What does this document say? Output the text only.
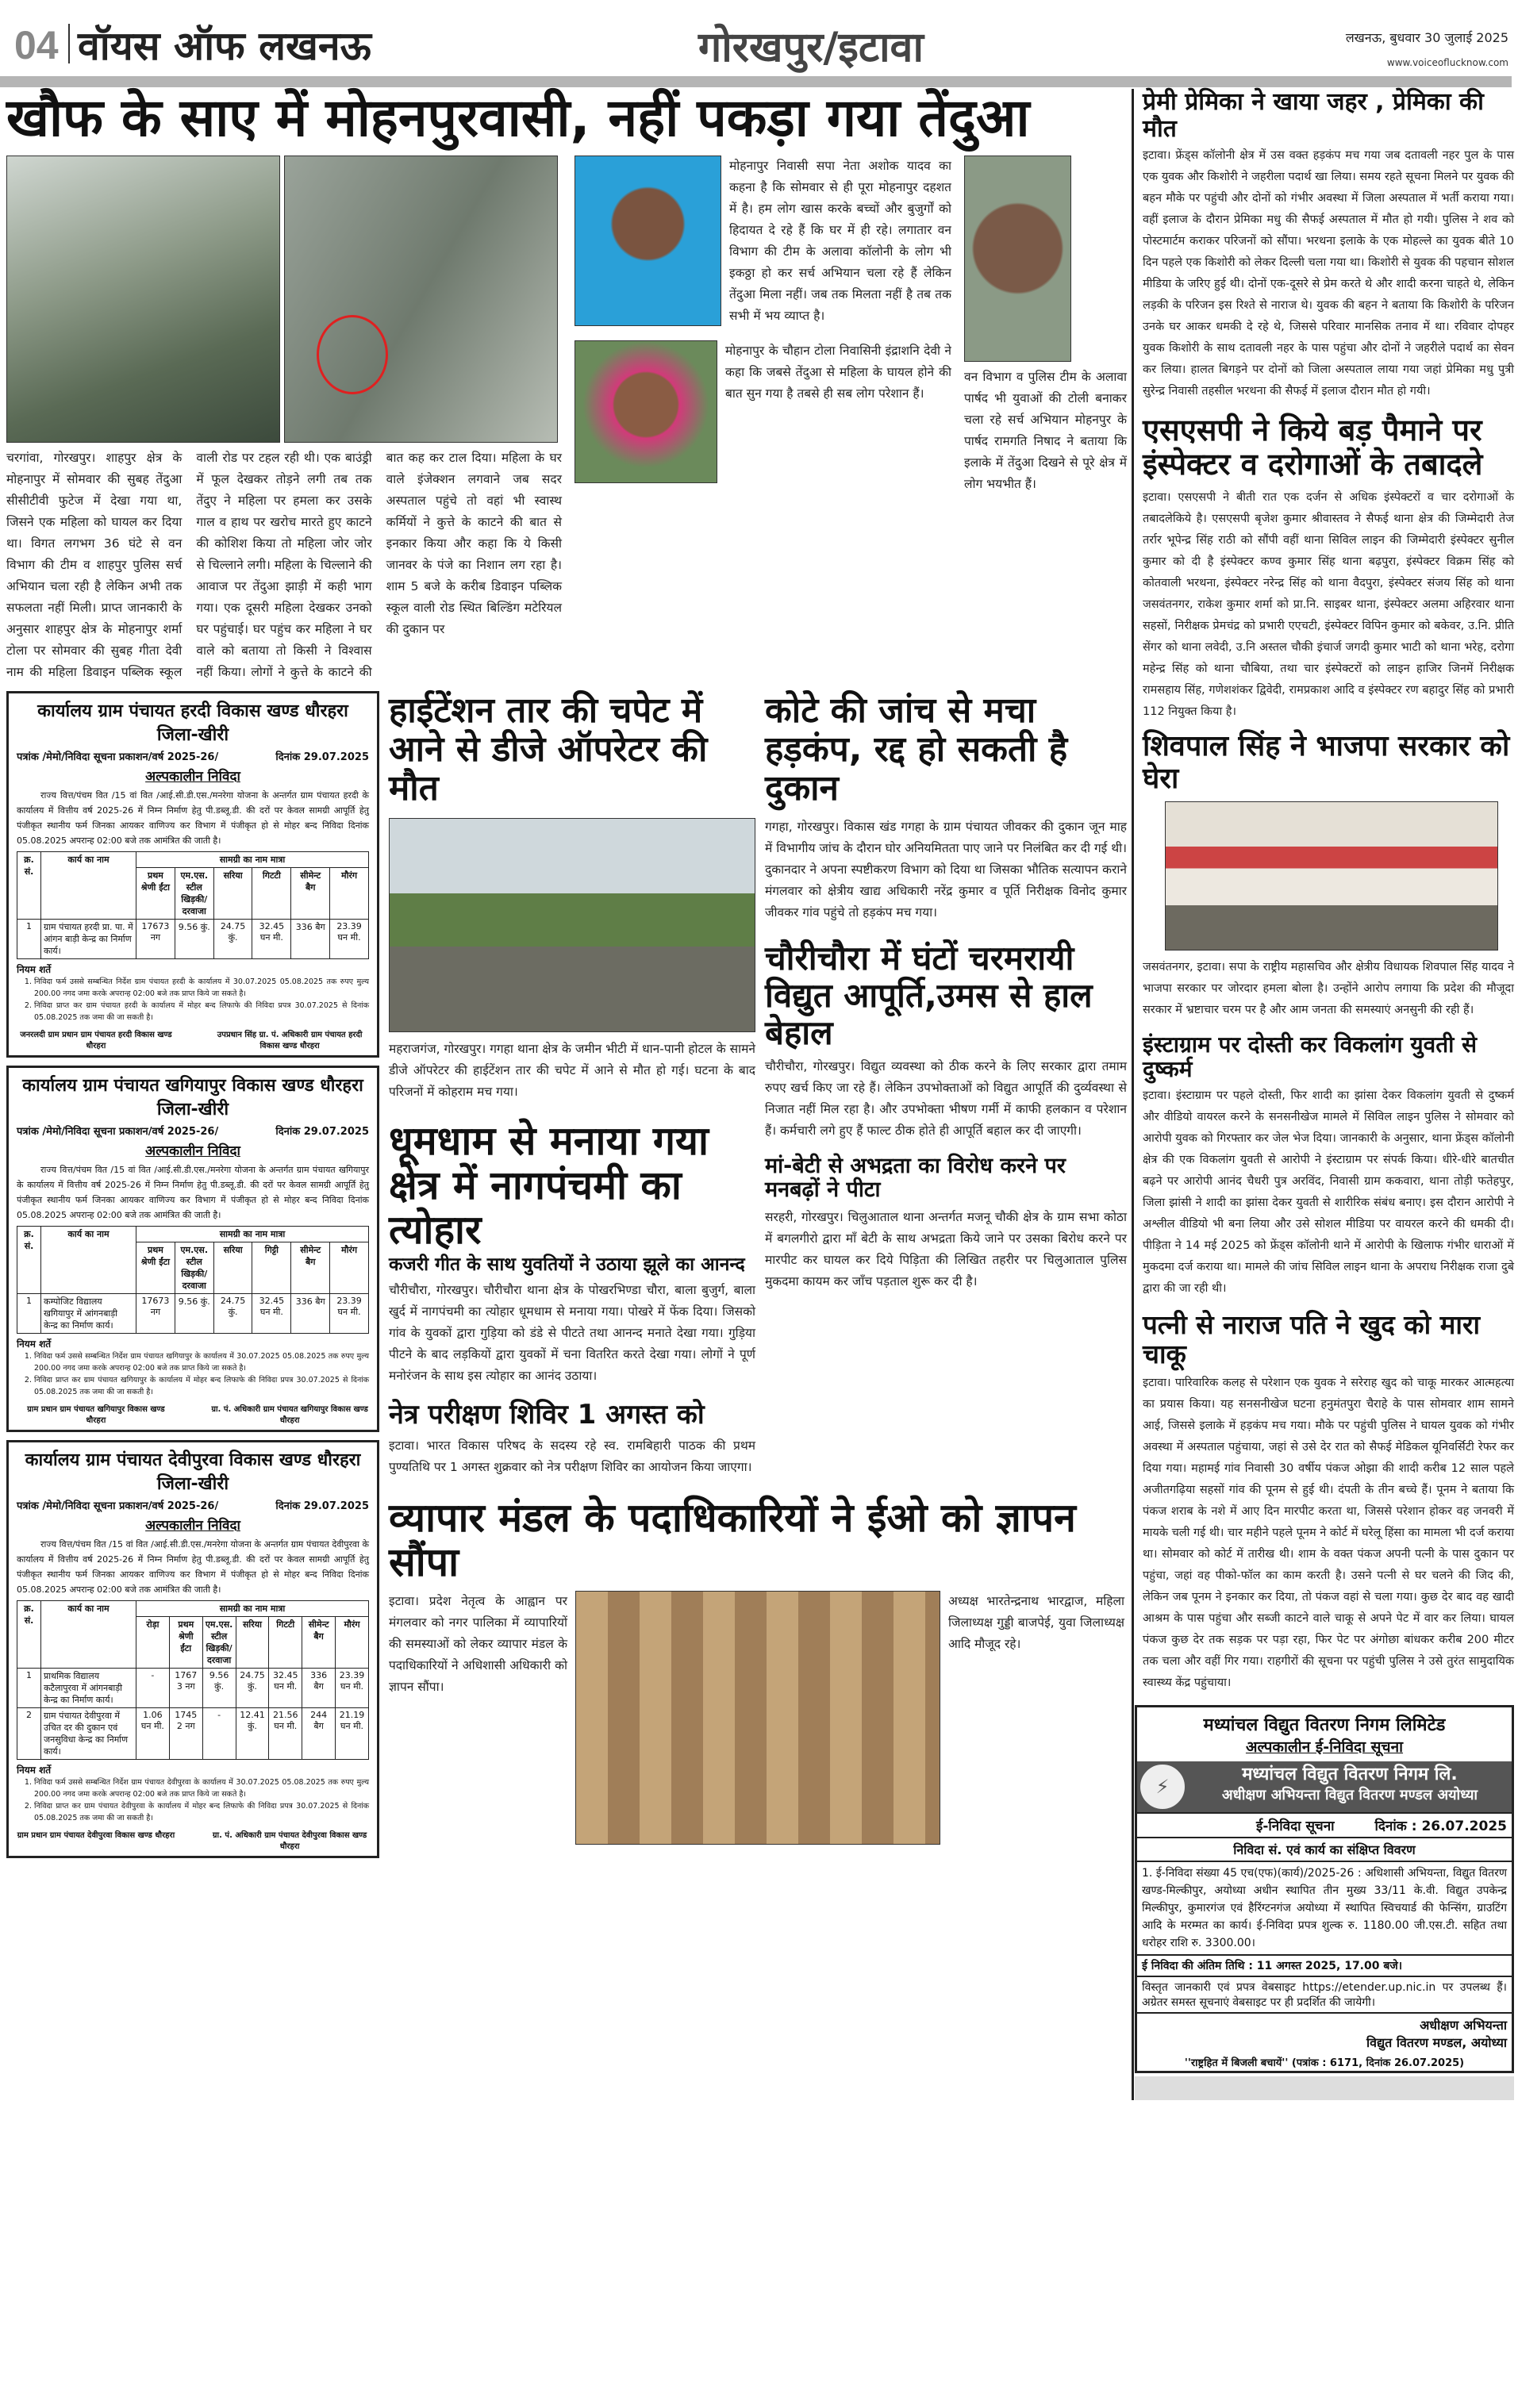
04 वॉयस ऑफ लखनऊ	गोरखपुर/इटावा	लखनऊ, बुधवार 30 जुलाई 2025
www.voiceoflucknow.com
खौफ के साए में मोहनपुरवासी, नहीं पकड़ा गया तेंदुआ
चरगांवा, गोरखपुर। शाहपुर क्षेत्र के मोहनापुर में सोमवार की सुबह तेंदुआ सीसीटीवी फुटेज में देखा गया था, जिसने एक महिला को घायल कर दिया था। विगत लगभग 36 घंटे से वन विभाग की टीम व शाहपुर पुलिस सर्च अभियान चला रही है लेकिन अभी तक सफलता नहीं मिली। प्राप्त जानकारी के अनुसार शाहपुर क्षेत्र के मोहनापुर शर्मा टोला पर सोमवार की सुबह गीता देवी नाम की महिला डिवाइन पब्लिक स्कूल वाली रोड पर टहल रही थी। एक बाउंड्री में फूल देखकर तोड़ने लगी तब तक तेंदुए ने महिला पर हमला कर उसके गाल व हाथ पर खरोच मारते हुए काटने की कोशिश किया तो महिला जोर जोर से चिल्लाने लगी। महिला के चिल्लाने की आवाज पर तेंदुआ झाड़ी में कही भाग गया। एक दूसरी महिला देखकर उनको घर पहुंचाई। घर पहुंच कर महिला ने घर वाले को बताया तो किसी ने विश्वास नहीं किया। लोगों ने कुत्ते के काटने की बात कह कर टाल दिया। महिला के घर वाले इंजेक्शन लगवाने जब सदर अस्पताल पहुंचे तो वहां भी स्वास्थ कर्मियों ने कुत्ते के काटने की बात से इनकार किया और कहा कि ये किसी जानवर के पंजे का निशान लग रहा है। शाम 5 बजे के करीब डिवाइन पब्लिक स्कूल वाली रोड स्थित बिल्डिंग मटेरियल की दुकान पर
मोहनापुर निवासी सपा नेता अशोक यादव का कहना है कि सोमवार से ही पूरा मोहनापुर दहशत में है। हम लोग खास करके बच्चों और बुजुर्गों को हिदायत दे रहे हैं कि घर में ही रहे। लगातार वन विभाग की टीम के अलावा कॉलोनी के लोग भी इकठ्ठा हो कर सर्च अभियान चला रहे हैं लेकिन तेंदुआ मिला नहीं। जब तक मिलता नहीं है तब तक सभी में भय व्याप्त है।
मोहनापुर के चौहान टोला निवासिनी इंद्राशनि देवी ने कहा कि जबसे तेंदुआ से महिला के घायल होने की बात सुन गया है तबसे ही सब लोग परेशान हैं।
वन विभाग व पुलिस टीम के अलावा पार्षद भी युवाओं की टोली बनाकर चला रहे सर्च अभियान मोहनपुर के पार्षद रामगति निषाद ने बताया कि इलाके में तेंदुआ दिखने से पूरे क्षेत्र में लोग भयभीत हैं।
कार्यालय ग्राम पंचायत हरदी विकास खण्ड धौरहरा जिला-खीरी
पत्रांक /मेमो/निविदा सूचना प्रकाशन/वर्ष 2025-26/	दिनांक 29.07.2025
अल्पकालीन निविदा
राज्य वित्त/पंचम वित /15 वां वित /आई.सी.डी.एस./मनरेगा योजना के अन्तर्गत ग्राम पंचायत हरदी के कार्यालय में वित्तीय वर्ष 2025-26 में निम्न निर्माण हेतु पी.डब्लू.डी. की दरों पर केवल सामग्री आपूर्ति हेतु पंजीकृत स्थानीय फर्म जिनका आयकर वाणिज्य कर विभाग में पंजीकृत हो से मोहर बन्द निविदा दिनांक 05.08.2025 अपरान्ह 02:00 बजे तक आमंत्रित की जाती है।
क्र. सं.	कार्य का नाम	सामग्री का नाम मात्रा					
		प्रथम श्रेणी ईंटा	एम.एस. स्टील खिड़की/ दरवाजा	सरिया	गिटटी	सीमेन्ट बैग	मौरंग
1	ग्राम पंचायत हरदी प्रा. पा. में आंगन बाड़ी केन्द्र का निर्माण कार्य।	17673 नग	9.56 कुं.	24.75 कुं.	32.45 घन मी.	336 बैग	23.39 घन मी.
नियम शर्ते
1. निविदा फर्म उससे सम्बन्धित निर्देश ग्राम पंचायत हरदी के कार्यालय में 30.07.2025 05.08.2025 तक रुपए मुल्य 200.00 नगद जमा करके अपरान्ह 02:00 बजे तक प्राप्त किये जा सकते है।
2. निविदा प्राप्त कर ग्राम पंचायत हरदी के कार्यालय में मोहर बन्द लिफाफे की निविदा प्रपत्र 30.07.2025 से दिनांक 05.08.2025 तक जमा की जा सकती है।
जनरलदी ग्राम प्रधान ग्राम पंचायत हरदी विकास खण्ड धौरहरा
उपप्रधान सिंह ग्रा. पं. अधिकारी ग्राम पंचायत हरदी विकास खण्ड धौरहरा
कार्यालय ग्राम पंचायत खगियापुर विकास खण्ड धौरहरा जिला-खीरी
पत्रांक /मेमो/निविदा सूचना प्रकाशन/वर्ष 2025-26/	दिनांक 29.07.2025
अल्पकालीन निविदा
राज्य वित्त/पंचम वित /15 वां वित /आई.सी.डी.एस./मनरेगा योजना के अन्तर्गत ग्राम पंचायत खगियापुर के कार्यालय में वित्तीय वर्ष 2025-26 में निम्न निर्माण हेतु पी.डब्लू.डी. की दरों पर केवल सामग्री आपूर्ति हेतु पंजीकृत स्थानीय फर्म जिनका आयकर वाणिज्य कर विभाग में पंजीकृत हो से मोहर बन्द निविदा दिनांक 05.08.2025 अपरान्ह 02:00 बजे तक आमंत्रित की जाती है।
क्र. सं.	कार्य का नाम	सामग्री का नाम मात्रा					
		प्रथम श्रेणी ईंटा	एम.एस. स्टील खिड़की/ दरवाजा	सरिया	गिट्टी	सीमेन्ट बैग	मौरंग
1	कम्पोजिट विद्यालय खगियापुर में आंगनबाड़ी केन्द्र का निर्माण कार्य।	17673 नग	9.56 कुं.	24.75 कुं.	32.45 घन मी.	336 बैग	23.39 घन मी.
नियम शर्ते
1. निविदा फर्म उससे सम्बन्धित निर्देश ग्राम पंचायत खगियापुर के कार्यालय में 30.07.2025 05.08.2025 तक रुपए मुल्य 200.00 नगद जमा करके अपरान्ह 02:00 बजे तक प्राप्त किये जा सकते है।
2. निविदा प्राप्त कर ग्राम पंचायत खगियापुर के कार्यालय में मोहर बन्द लिफाफे की निविदा प्रपत्र 30.07.2025 से दिनांक 05.08.2025 तक जमा की जा सकती है।
ग्राम प्रधान ग्राम पंचायत खगियापुर विकास खण्ड धौरहरा
ग्रा. पं. अधिकारी ग्राम पंचायत खगियापुर विकास खण्ड धौरहरा
कार्यालय ग्राम पंचायत देवीपुरवा विकास खण्ड धौरहरा जिला-खीरी
पत्रांक /मेमो/निविदा सूचना प्रकाशन/वर्ष 2025-26/	दिनांक 29.07.2025
अल्पकालीन निविदा
राज्य वित्त/पंचम वित /15 वां वित /आई.सी.डी.एस./मनरेगा योजना के अन्तर्गत ग्राम पंचायत देवीपुरवा के कार्यालय में वित्तीय वर्ष 2025-26 में निम्न निर्माण हेतु पी.डब्लू.डी. की दरों पर केवल सामग्री आपूर्ति हेतु पंजीकृत स्थानीय फर्म जिनका आयकर वाणिज्य कर विभाग में पंजीकृत हो से मोहर बन्द निविदा दिनांक 05.08.2025 अपरान्ह 02:00 बजे तक आमंत्रित की जाती है।
क्र. सं.	कार्य का नाम	सामग्री का नाम मात्रा						
		रोड़ा	प्रथम श्रेणी ईंटा	एम.एस. स्टील खिड़की/ दरवाजा	सरिया	गिटटी	सीमेन्ट बैग	मौरंग
1	प्राथमिक विद्यालय कटैलापुरवा में आंगनबाड़ी केन्द्र का निर्माण कार्य।	-	17673 नग	9.56 कुं.	24.75 कुं.	32.45 घन मी.	336 बैग	23.39 घन मी.
2	ग्राम पंचायत देवीपुरवा में उचित दर की दुकान एवं जनसुविधा केन्द्र का निर्माण कार्य।	1.06 घन मी.	17452 नग	-	12.41 कुं.	21.56 घन मी.	244 बैग	21.19 घन मी.
नियम शर्ते
1. निविदा फर्म उससे सम्बन्धित निर्देश ग्राम पंचायत देवीपुरवा के कार्यालय में 30.07.2025 05.08.2025 तक रुपए मुल्य 200.00 नगद जमा करके अपरान्ह 02:00 बजे तक प्राप्त किये जा सकते है।
2. निविदा प्राप्त कर ग्राम पंचायत देवीपुरवा के कार्यालय में मोहर बन्द लिफाफे की निविदा प्रपत्र 30.07.2025 से दिनांक 05.08.2025 तक जमा की जा सकती है।
ग्राम प्रधान ग्राम पंचायत देवीपुरवा विकास खण्ड धौरहरा	ग्रा. पं. अधिकारी ग्राम पंचायत देवीपुरवा विकास खण्ड धौरहरा
हाईटेंशन तार की चपेट में आने से डीजे ऑपरेटर की मौत
महराजगंज, गोरखपुर। गगहा थाना क्षेत्र के जमीन भीटी में धान-पानी होटल के सामने डीजे ऑपरेटर की हाईटेंशन तार की चपेट में आने से मौत हो गई। घटना के बाद परिजनों में कोहराम मच गया।
धूमधाम से मनाया गया क्षेत्र में नागपंचमी का त्योहार
कजरी गीत के साथ युवतियों ने उठाया झूले का आनन्द
चौरीचौरा, गोरखपुर। चौरीचौरा थाना क्षेत्र के पोखरभिण्डा चौरा, बाला बुजुर्ग, बाला खुर्द में नागपंचमी का त्योहार धूमधाम से मनाया गया। पोखरे में फेंक दिया। जिसको गांव के युवकों द्वारा गुड़िया को डंडे से पीटते तथा आनन्द मनाते देखा गया। गुड़िया पीटने के बाद लड़कियों द्वारा युवकों में चना वितरित करते देखा गया। लोगों ने पूर्ण मनोरंजन के साथ इस त्योहार का आनंद उठाया।
नेत्र परीक्षण शिविर 1 अगस्त को
इटावा। भारत विकास परिषद के सदस्य रहे स्व. रामबिहारी पाठक की प्रथम पुण्यतिथि पर 1 अगस्त शुक्रवार को नेत्र परीक्षण शिविर का आयोजन किया जाएगा।
कोटे की जांच से मचा हड़कंप, रद्द हो सकती है दुकान
गगहा, गोरखपुर। विकास खंड गगहा के ग्राम पंचायत जीवकर की दुकान जून माह में विभागीय जांच के दौरान घोर अनियमितता पाए जाने पर निलंबित कर दी गई थी। दुकानदार ने अपना स्पष्टीकरण विभाग को दिया था जिसका भौतिक सत्यापन कराने मंगलवार को क्षेत्रीय खाद्य अधिकारी नरेंद्र कुमार व पूर्ति निरीक्षक विनोद कुमार जीवकर गांव पहुंचे तो हड़कंप मच गया।
चौरीचौरा में घंटों चरमरायी विद्युत आपूर्ति,उमस से हाल बेहाल
चौरीचौरा, गोरखपुर। विद्युत व्यवस्था को ठीक करने के लिए सरकार द्वारा तमाम रुपए खर्च किए जा रहे हैं। लेकिन उपभोक्ताओं को विद्युत आपूर्ति की दुर्व्यवस्था से निजात नहीं मिल रहा है। और उपभोक्ता भीषण गर्मी में काफी हलकान व परेशान हैं। कर्मचारी लगे हुए हैं फाल्ट ठीक होते ही आपूर्ति बहाल कर दी जाएगी।
मां-बेटी से अभद्रता का विरोध करने पर मनबढ़ों ने पीटा
सरहरी, गोरखपुर। चिलुआताल थाना अन्तर्गत मजनू चौकी क्षेत्र के ग्राम सभा कोठा में बगलगीरो द्वारा माँ बेटी के साथ अभद्रता किये जाने पर उसका बिरोध करने पर मारपीट कर घायल कर दिये पिड़िता की लिखित तहरीर पर चिलुआताल पुलिस मुकदमा कायम कर जाँच पड़ताल शुरू कर दी है।
व्यापार मंडल के पदाधिकारियों ने ईओ को ज्ञापन सौंपा
इटावा। प्रदेश नेतृत्व के आह्वान पर मंगलवार को नगर पालिका में व्यापारियों की समस्याओं को लेकर व्यापार मंडल के पदाधिकारियों ने अधिशासी अधिकारी को ज्ञापन सौंपा।
अध्यक्ष भारतेन्द्रनाथ भारद्वाज, महिला जिलाध्यक्ष गुड्डी बाजपेई, युवा जिलाध्यक्ष आदि मौजूद रहे।
प्रेमी प्रेमिका ने खाया जहर , प्रेमिका की मौत
इटावा। फ्रेंड्स कॉलोनी क्षेत्र में उस वक्त हड़कंप मच गया जब दतावली नहर पुल के पास एक युवक और किशोरी ने जहरीला पदार्थ खा लिया। समय रहते सूचना मिलने पर युवक की बहन मौके पर पहुंची और दोनों को गंभीर अवस्था में जिला अस्पताल में भर्ती कराया गया। वहीं इलाज के दौरान प्रेमिका मधु की सैफई अस्पताल में मौत हो गयी। पुलिस ने शव को पोस्टमार्टम कराकर परिजनों को सौंपा। भरथना इलाके के एक मोहल्ले का युवक बीते 10 दिन पहले एक किशोरी को लेकर दिल्ली चला गया था। किशोरी से युवक की पहचान सोशल मीडिया के जरिए हुई थी। दोनों एक-दूसरे से प्रेम करते थे और शादी करना चाहते थे, लेकिन लड़की के परिजन इस रिश्ते से नाराज थे। युवक की बहन ने बताया कि किशोरी के परिजन उनके घर आकर धमकी दे रहे थे, जिससे परिवार मानसिक तनाव में था। रविवार दोपहर युवक किशोरी के साथ दतावली नहर के पास पहुंचा और दोनों ने जहरीले पदार्थ का सेवन कर लिया। हालत बिगड़ने पर दोनों को जिला अस्पताल लाया गया जहां प्रेमिका मधु पुत्री सुरेन्द्र निवासी तहसील भरथना की सैफई में इलाज दौरान मौत हो गयी।
एसएसपी ने किये बड़ पैमाने पर इंस्पेक्टर व दरोगाओं के तबादले
इटावा। एसएसपी ने बीती रात एक दर्जन से अधिक इंस्पेक्टरों व चार दरोगाओं के तबादलेकिये है। एसएसपी बृजेश कुमार श्रीवास्तव ने सैफई थाना क्षेत्र की जिम्मेदारी तेज तर्रार भूपेन्द्र सिंह राठी को सौंपी वहीं थाना सिविल लाइन की जिम्मेदारी इंस्पेक्टर सुनील कुमार को दी है इंस्पेक्टर कण्व कुमार सिंह थाना बढ़पुरा, इंस्पेक्टर विक्रम सिंह को कोतवाली भरथना, इंस्पेक्टर नरेन्द्र सिंह को थाना वैदपुरा, इंस्पेक्टर संजय सिंह को थाना जसवंतनगर, राकेश कुमार शर्मा को प्रा.नि. साइबर थाना, इंस्पेक्टर अलमा अहिरवार थाना सहसों, निरीक्षक प्रेमचंद्र को प्रभारी एएचटी, इंस्पेक्टर विपिन कुमार को बकेवर, उ.नि. प्रीति सेंगर को थाना लवेदी, उ.नि अस्तल चौकी इंचार्ज जगदी कुमार भाटी को थाना भरेह, दरोगा महेन्द्र सिंह को थाना चौबिया, तथा चार इंस्पेक्टरों को लाइन हाजिर जिनमें निरीक्षक रामसहाय सिंह, गणेशशंकर द्विवेदी, रामप्रकाश आदि व इंस्पेक्टर रण बहादुर सिंह को प्रभारी 112 नियुक्त किया है।
शिवपाल सिंह ने भाजपा सरकार को घेरा
जसवंतनगर, इटावा। सपा के राष्ट्रीय महासचिव और क्षेत्रीय विधायक शिवपाल सिंह यादव ने भाजपा सरकार पर जोरदार हमला बोला है। उन्होंने आरोप लगाया कि प्रदेश की मौजूदा सरकार में भ्रष्टाचार चरम पर है और आम जनता की समस्याएं अनसुनी की रही हैं।
इंस्टाग्राम पर दोस्ती कर विकलांग युवती से दुष्कर्म
इटावा। इंस्टाग्राम पर पहले दोस्ती, फिर शादी का झांसा देकर विकलांग युवती से दुष्कर्म और वीडियो वायरल करने के सनसनीखेज मामले में सिविल लाइन पुलिस ने सोमवार को आरोपी युवक को गिरफ्तार कर जेल भेज दिया। जानकारी के अनुसार, थाना फ्रेंड्स कॉलोनी क्षेत्र की एक विकलांग युवती से आरोपी ने इंस्टाग्राम पर संपर्क किया। धीरे-धीरे बातचीत बढ़ने पर आरोपी आनंद चैधरी पुत्र अरविंद, निवासी ग्राम ककवारा, थाना तोड़ी फतेहपुर, जिला झांसी ने शादी का झांसा देकर युवती से शारीरिक संबंध बनाए। इस दौरान आरोपी ने अश्लील वीडियो भी बना लिया और उसे सोशल मीडिया पर वायरल करने की धमकी दी। पीड़िता ने 14 मई 2025 को फ्रेंड्स कॉलोनी थाने में आरोपी के खिलाफ गंभीर धाराओं में मुकदमा दर्ज कराया था। मामले की जांच सिविल लाइन थाना के अपराध निरीक्षक राजा दुबे द्वारा की जा रही थी।
पत्नी से नाराज पति ने खुद को मारा चाकू
इटावा। पारिवारिक कलह से परेशान एक युवक ने सरेराह खुद को चाकू मारकर आत्महत्या का प्रयास किया। यह सनसनीखेज घटना हनुमंतपुरा चैराहे के पास सोमवार शाम सामने आई, जिससे इलाके में हड़कंप मच गया। मौके पर पहुंची पुलिस ने घायल युवक को गंभीर अवस्था में अस्पताल पहुंचाया, जहां से उसे देर रात को सैफई मेडिकल यूनिवर्सिटी रेफर कर दिया गया। महामई गांव निवासी 30 वर्षीय पंकज ओझा की शादी करीब 12 साल पहले अजीतगढ़िया सहसों गांव की पूनम से हुई थी। दंपती के तीन बच्चे हैं। पूनम ने बताया कि पंकज शराब के नशे में आए दिन मारपीट करता था, जिससे परेशान होकर वह जनवरी में मायके चली गई थी। चार महीने पहले पूनम ने कोर्ट में घरेलू हिंसा का मामला भी दर्ज कराया था। सोमवार को कोर्ट में तारीख थी। शाम के वक्त पंकज अपनी पत्नी के पास दुकान पर पहुंचा, जहां वह पीको-फॉल का काम करती है। उसने पत्नी से घर चलने की जिद की, लेकिन जब पूनम ने इनकार कर दिया, तो पंकज वहां से चला गया। कुछ देर बाद वह खादी आश्रम के पास पहुंचा और सब्जी काटने वाले चाकू से अपने पेट में वार कर लिया। घायल पंकज कुछ देर तक सड़क पर पड़ा रहा, फिर पेट पर अंगोछा बांधकर करीब 200 मीटर तक चला और वहीं गिर गया। राहगीरों की सूचना पर पहुंची पुलिस ने उसे तुरंत सामुदायिक स्वास्थ्य केंद्र पहुंचाया।
मध्यांचल विद्युत वितरण निगम लिमिटेड
अल्पकालीन ई-निविदा सूचना
⚡
मध्यांचल विद्युत वितरण निगम लि.
अधीक्षण अभियन्ता विद्युत वितरण मण्डल अयोध्या
ई-निविदा सूचना	दिनांक : 26.07.2025
निविदा सं. एवं कार्य का संक्षिप्त विवरण
1. ई-निविदा संख्या 45 एच(एफ)(कार्य)/2025-26 : अधिशासी अभियन्ता, विद्युत वितरण खण्ड-मिल्कीपुर, अयोध्या अधीन स्थापित तीन मुख्य 33/11 के.वी. विद्युत उपकेन्द्र मिल्कीपुर, कुमारगंज एवं हैरिंग्टनगंज अयोध्या में स्थापित स्विचयार्ड की फेन्सिंग, ग्राउटिंग आदि के मरम्मत का कार्य। ई-निविदा प्रपत्र शुल्क रु. 1180.00 जी.एस.टी. सहित तथा धरोहर राशि रु. 3300.00।
ई निविदा की अंतिम तिथि : 11 अगस्त 2025, 17.00 बजे।
विस्तृत जानकारी एवं प्रपत्र वेबसाइट https://etender.up.nic.in पर उपलब्ध हैं। अग्रेतर समस्त सूचनाएं वेबसाइट पर ही प्रदर्शित की जायेगी।
अधीक्षण अभियन्ता
विद्युत वितरण मण्डल, अयोध्या
''राष्ट्रहित में बिजली बचायें'' (पत्रांक : 6171, दिनांक 26.07.2025)
